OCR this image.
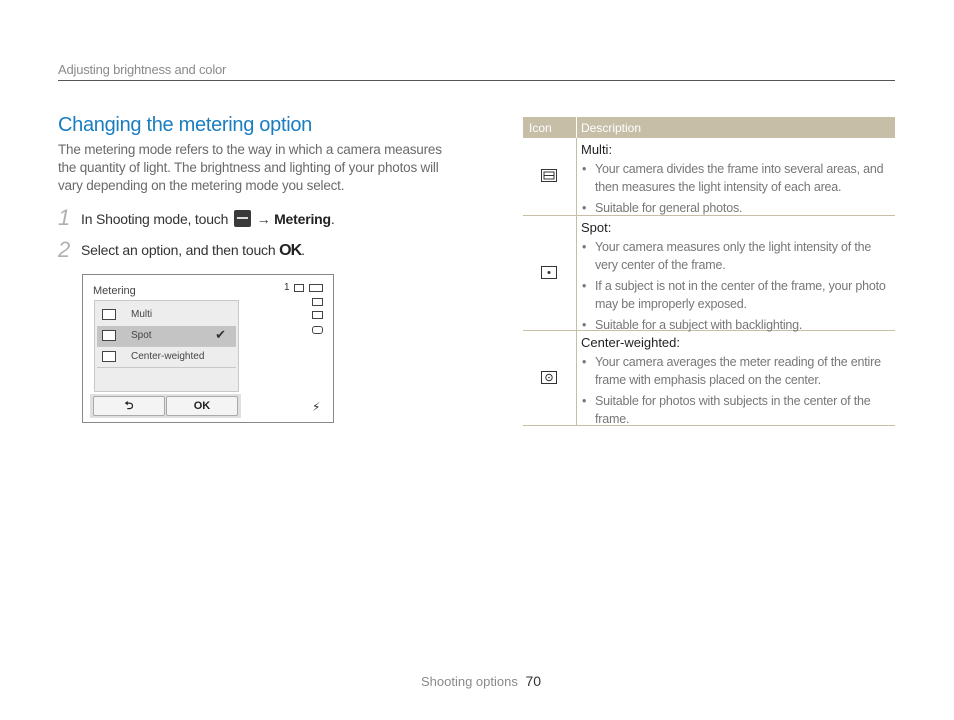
Adjusting brightness and color
Changing the metering option
The metering mode refers to the way in which a camera measures the quantity of light. The brightness and lighting of your photos will vary depending on the metering mode you select.
1 In Shooting mode, touch → Metering.
2 Select an option, and then touch OK.
Metering
Multi
Spot	✔
Center-weighted
⮌	OK
1
⚡
Icon Description
Multi:
• Your camera divides the frame into several areas, and then measures the light intensity of each area.
• Suitable for general photos.
Spot:
• Your camera measures only the light intensity of the very center of the frame.
• If a subject is not in the center of the frame, your photo may be improperly exposed.
• Suitable for a subject with backlighting.
Center-weighted:
• Your camera averages the meter reading of the entire frame with emphasis placed on the center.
• Suitable for photos with subjects in the center of the frame.
Shooting options 70
